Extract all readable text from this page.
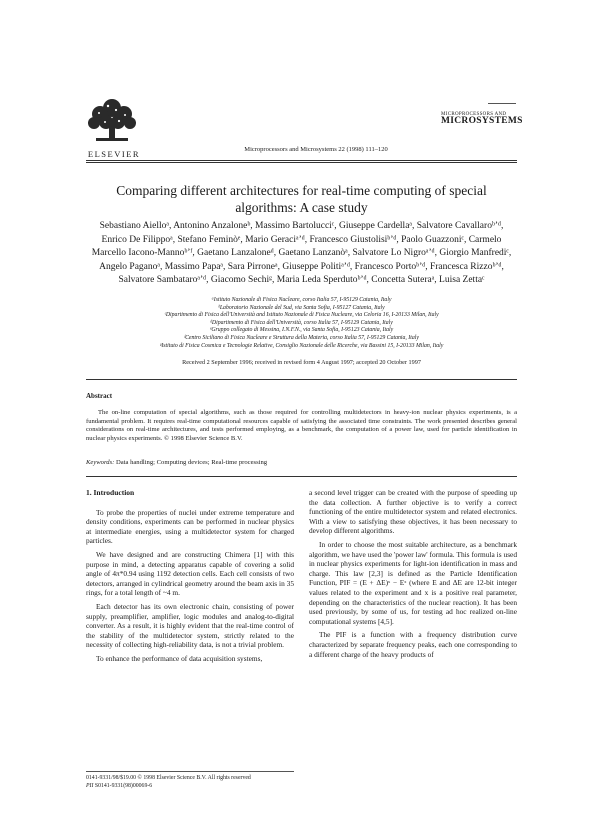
ELSEVIER	Microprocessors and Microsystems 22 (1998) 111–120
MICROPROCESSORS AND
MICROSYSTEMS
Comparing different architectures for real-time computing of special algorithms: A case study
Sebastiano Aielloᵃ, Antonino Anzaloneᵇ, Massimo Bartolucciᶜ, Giuseppe Cardellaᵃ, Salvatore Cavallaroᵇʼᵈ, Enrico De Filippoᵃ, Stefano Feminòᵉ, Mario Geraciᵃʼᵈ, Francesco Giustolisiᵇʼᵈ, Paolo Guazzoniᶜ, Carmelo Marcello Iacono-Mannoᵇʼᶠ, Gaetano Lanzaloneᵈ, Gaetano Lanzanòᵃ, Salvatore Lo Nigroᵃʼᵈ, Giorgio Manfrediᶜ, Angelo Paganoᵃ, Massimo Papaᵃ, Sara Pirroneᵃ, Giuseppe Politiᵃʼᵈ, Francesco Portoᵇʼᵈ, Francesca Rizzoᵇʼᵈ, Salvatore Sambataroᵃʼᵈ, Giacomo Sechiᵍ, Maria Leda Sperdutoᵇʼᵈ, Concetta Suteraᵃ, Luisa Zettaᶜ
ᵃIstituto Nazionale di Fisica Nucleare, corso Italia 57, I-95129 Catania, Italy
ᵇLaboratorio Nazionale del Sud, via Santa Sofia, I-95127 Catania, Italy
ᶜDipartimento di Fisica dell'Università and Istituto Nazionale di Fisica Nucleare, via Celoria 16, I-20133 Milan, Italy
ᵈDipartimento di Fisica dell'Università, corso Italia 57, I-95129 Catania, Italy
ᵉGruppo collegato di Messina, I.N.F.N., via Santa Sofia, I-95123 Catania, Italy
ᶠCentro Siciliano di Fisica Nucleare e Struttura della Materia, corso Italia 57, I-95129 Catania, Italy
ᵍIstituto di Fisica Cosmica e Tecnologie Relative, Consiglio Nazionale delle Ricerche, via Bassini 15, I-20133 Milan, Italy
Received 2 September 1996; received in revised form 4 August 1997; accepted 20 October 1997
Abstract
The on-line computation of special algorithms, such as those required for controlling multidetectors in heavy-ion nuclear physics experiments, is a fundamental problem. It requires real-time computational resources capable of satisfying the associated time constraints. The work presented describes general considerations on real-time architectures, and tests performed employing, as a benchmark, the computation of a power law, used for particle identification in nuclear physics experiments. © 1998 Elsevier Science B.V.
Keywords: Data handling; Computing devices; Real-time processing

1. Introduction

To probe the properties of nuclei under extreme temperature and density conditions, experiments can be performed in nuclear physics at intermediate energies, using a multidetector system for charged particles.

We have designed and are constructing Chimera [1] with this purpose in mind, a detecting apparatus capable of covering a solid angle of 4π*0.94 using 1192 detection cells. Each cell consists of two detectors, arranged in cylindrical geometry around the beam axis in 35 rings, for a total length of ~4 m.

Each detector has its own electronic chain, consisting of power supply, preamplifier, amplifier, logic modules and analog-to-digital converter. As a result, it is highly evident that the real-time control of the stability of the multidetector system, strictly related to the necessity of collecting high-reliability data, is not a trivial problem.

To enhance the performance of data acquisition systems,

a second level trigger can be created with the purpose of speeding up the data collection. A further objective is to verify a correct functioning of the entire multidetector system and related electronics. With a view to satisfying these objectives, it has been necessary to develop different algorithms.

In order to choose the most suitable architecture, as a benchmark algorithm, we have used the 'power law' formula. This formula is used in nuclear physics experiments for light-ion identification in mass and charge. This law [2,3] is defined as the Particle Identification Function, PIF = (E + ΔE)ˣ − Eˣ (where E and ΔE are 12-bit integer values related to the experiment and x is a positive real parameter, depending on the characteristics of the nuclear reaction). It has been used previously, by some of us, for testing ad hoc realized on-line computational systems [4,5].

The PIF is a function with a frequency distribution curve characterized by separate frequency peaks, each one corresponding to a different charge of the heavy products of

0141-9331/98/$19.00 © 1998 Elsevier Science B.V. All rights reserved
PII S0141-9331(98)00069-6
